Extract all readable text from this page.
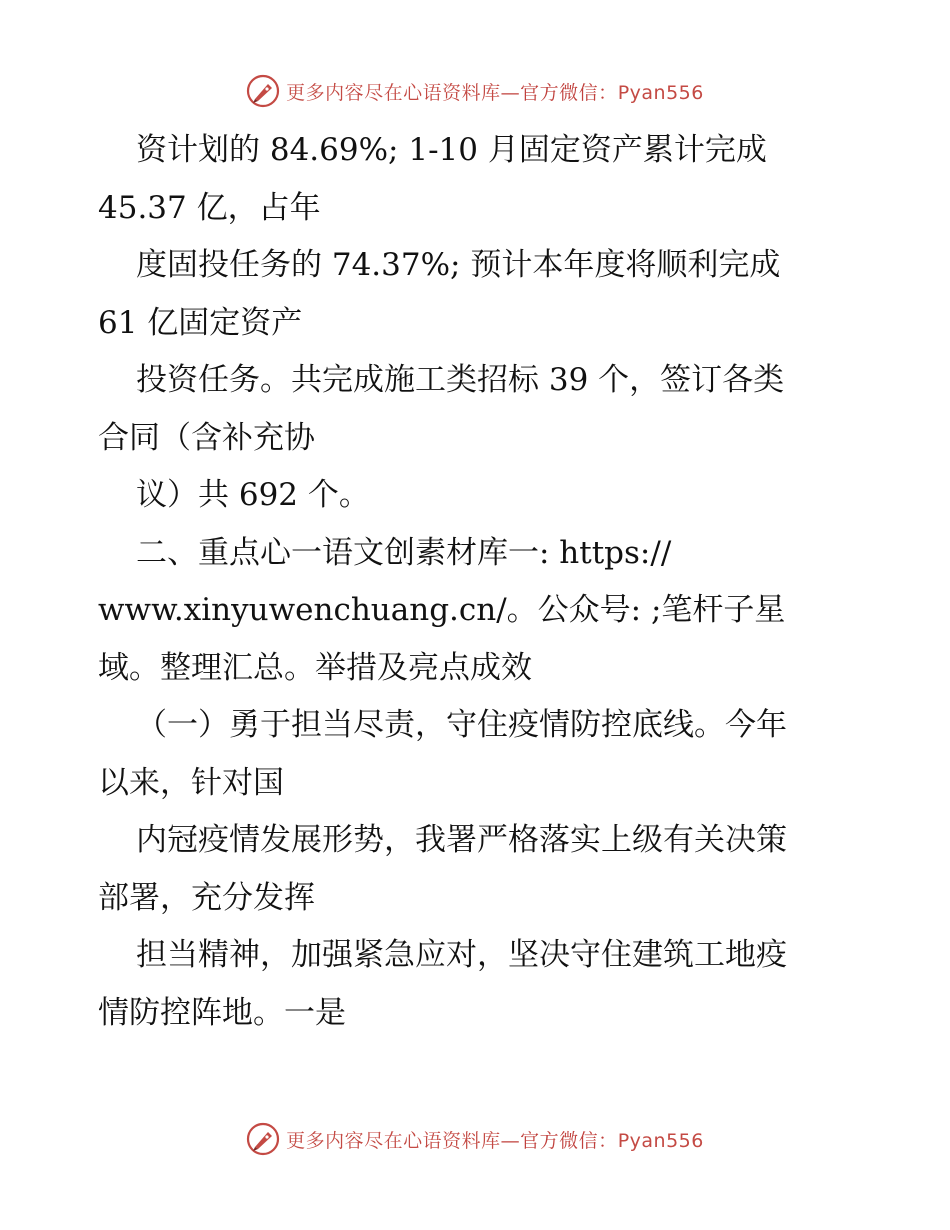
更多内容尽在心语资料库—官方微信：Pyan556
资计划的 84.69%; 1-10 月固定资产累计完成
45.37 亿，占年
度固投任务的 74.37%; 预计本年度将顺利完成
61 亿固定资产
投资任务。共完成施工类招标 39 个，签订各类
合同（含补充协
议）共 692 个。
二、重点心一语文创素材库一: https://
www.xinyuwenchuang.cn/。公众号: ;笔杆子星
域。整理汇总。举措及亮点成效
（一）勇于担当尽责，守住疫情防控底线。今年
以来，针对国
内冠疫情发展形势，我署严格落实上级有关决策
部署，充分发挥
担当精神，加强紧急应对，坚决守住建筑工地疫
情防控阵地。一是
更多内容尽在心语资料库—官方微信：Pyan556
